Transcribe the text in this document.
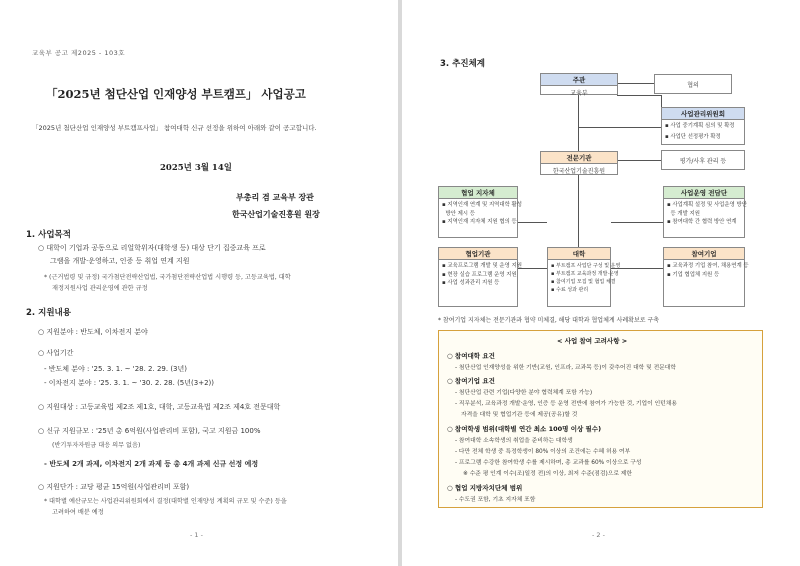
교육부 공고 제2025 - 103호
「2025년 첨단산업 인재양성 부트캠프」 사업공고
「2025년 첨단산업 인재양성 부트캠프사업」 참여대학 신규 선정을 위하여 아래와 같이 공고합니다.
2025년 3월 14일
부총리 겸 교육부 장관
한국산업기술진흥원 원장
1. 사업목적
○ 대학이 기업과 공동으로 리얼학위자(대학생 등) 대상 단기 집중교육 프로
그램을 개발·운영하고, 인증 등 취업 연계 지원
* (근거법령 및 규정) 국가첨단전략산업법, 국가첨단전략산업법 시행령 등, 고등교육법, 대학
재정지원사업 관리운영에 관한 규정
2. 지원내용
○ 지원분야 : 반도체, 이차전지 분야
○ 사업기간
- 반도체 분야 : '25. 3. 1. ~ '28. 2. 29. (3년)
- 이차전지 분야 : '25. 3. 1. ~ '30. 2. 28. (5년(3+2))
○ 지원대상 : 고등교육법 제2조 제1호, 대학, 고등교육법 제2조 제4호 전문대학
○ 신규 지원규모 : '25년 총 6억원(사업관리비 포함), 국고 지원금 100%
(반기투자자원금 대응 의무 없음)
- 반도체 2개 과제, 이차전지 2개 과제 등 총 4개 과제 신규 선정 예정
○ 지원단가 : 교당 평균 15억원(사업관리비 포함)
* 대학별 예산규모는 사업관리위원회에서 결정(대학별 인재양성 계획의 규모 및 수준) 등을
고려하여 배분 예정
- 1 -
3. 추진체계
주관
교육부
협의
사업관리위원회
▪ 사업 중기계획 심의 및 확정
▪ 사업단 선정평가 확정
전문기관
한국산업기술진흥원
평가/사후 관리 등
협업 지자체
▪ 지역인재 연계 및 지역대학 활성
방안 제시 등
▪ 지역인재 지자체 지원 협의 등
사업운영 전담단
▪ 사업계획 설정 및 사업운영 방안
등 개발 지원
▪ 참여대학 간 협력 방안 연계
협업기관
▪ 교육프로그램 개발 및 운영 지원
▪ 현장 실습 프로그램 운영 지원
▪ 사업 성과관리 지원 등
대학
▪ 부트캠프 사업단 구성 및 운영
▪ 부트캠프 교육과정 개발·운영
▪ 참여기업 모집 및 협업 체결
▪ 수료 성과 관리
참여기업
▪ 교육과정 기업 참여, 채용연계 등
▪ 기업 협업체 지원 등
* 참여기업 지자체는 전문기관과 협약 미체결, 해당 대학과 협업체계 사례확보로 구축
< 사업 참여 고려사항 >
○ 참여대학 요건
- 첨단산업 인재양성을 위한 기반(교원, 인프라, 교과목 등)이 갖추어진 대학 및 전문대학
○ 참여기업 요건
- 첨단산업 관련 기업(다양한 분야 협력체계 포함 가능)
- 직무분석, 교육과정 개발·운영, 인증 등 운영 전반에 참여가 가능한 것, 기업이 인턴채용
자격을 대학 및 협업기관 등에 제공(공유)할 것
○ 참여학생 범위(대학별 연간 최소 100명 이상 필수)
- 참여대학 소속학생의 취업을 준비하는 대학생
- 다만 전체 학생 중 특정학생이 80% 이상의 조건에는 수혜 허용 여부
- 프로그램 수강한 참여학생 수를 제시하며, 총 교과를 60% 이상으로 구성
※ 수준 평 인계 이수(조)일정 전)의 이상, 최저 수준(점검)으로 제한
○ 협업 지방자치단체 범위
- 수도권 포함, 기초 지자체 포함
- 2 -
